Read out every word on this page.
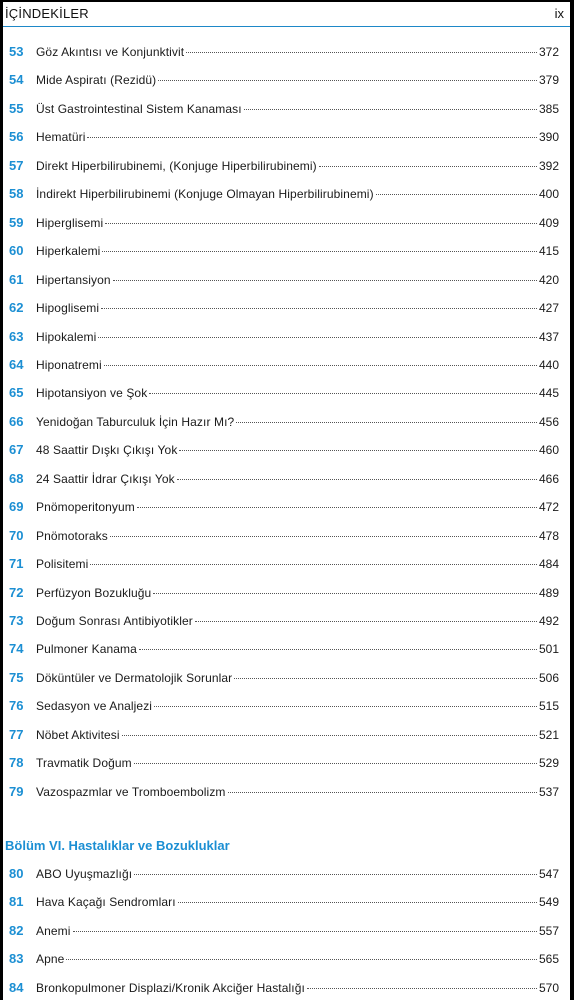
İÇİNDEKİLER	ix
53	Göz Akıntısı ve Konjunktivit	372
54	Mide Aspiratı (Rezidü)	379
55	Üst Gastrointestinal Sistem Kanaması	385
56	Hematüri	390
57	Direkt Hiperbilirubinemi, (Konjuge Hiperbilirubinemi)	392
58	İndirekt Hiperbilirubinemi (Konjuge Olmayan Hiperbilirubinemi)	400
59	Hiperglisemi	409
60	Hiperkalemi	415
61	Hipertansiyon	420
62	Hipoglisemi	427
63	Hipokalemi	437
64	Hiponatremi	440
65	Hipotansiyon ve Şok	445
66	Yenidoğan Taburculuk İçin Hazır Mı?	456
67	48 Saattir Dışkı Çıkışı Yok	460
68	24 Saattir İdrar Çıkışı Yok	466
69	Pnömoperitonyum	472
70	Pnömotoraks	478
71	Polisitemi	484
72	Perfüzyon Bozukluğu	489
73	Doğum Sonrası Antibiyotikler	492
74	Pulmoner Kanama	501
75	Döküntüler ve Dermatolojik Sorunlar	506
76	Sedasyon ve Analjezi	515
77	Nöbet Aktivitesi	521
78	Travmatik Doğum	529
79	Vazospazmlar ve Tromboembolizm	537
Bölüm VI. Hastalıklar ve Bozukluklar
80	ABO Uyuşmazlığı	547
81	Hava Kaçağı Sendromları	549
82	Anemi	557
83	Apne	565
84	Bronkopulmoner Displazi/Kronik Akciğer Hastalığı	570
